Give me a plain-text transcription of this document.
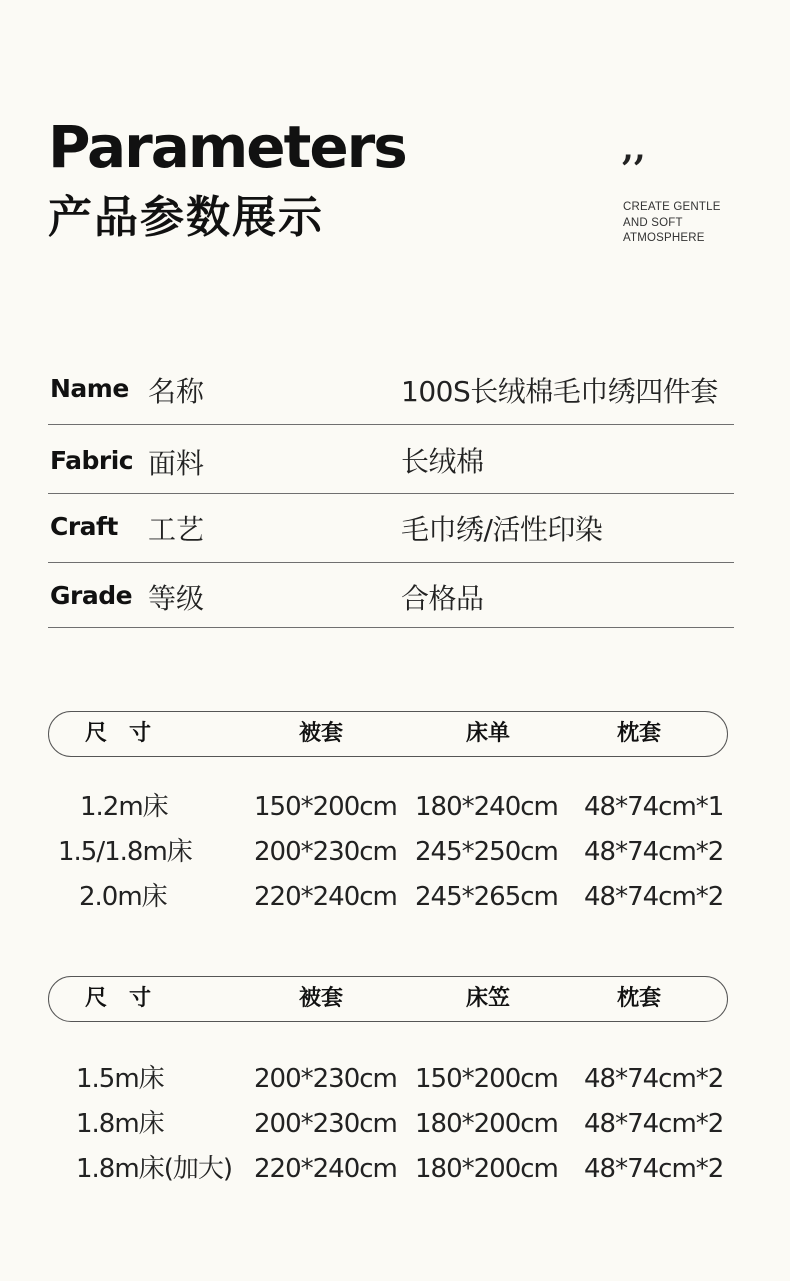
Parameters
产品参数展示
,,
CREATE GENTLE
AND SOFT
ATMOSPHERE
Name 名称	100S长绒棉毛巾绣四件套
Fabric 面料	长绒棉
Craft 工艺	毛巾绣/活性印染
Grade 等级	合格品
尺　寸	被套	床单	枕套
1.2m床	150*200cm 180*240cm 48*74cm*1
1.5/1.8m床 200*230cm 245*250cm 48*74cm*2
2.0m床	220*240cm 245*265cm 48*74cm*2
尺　寸	被套	床笠	枕套
1.5m床	200*230cm 150*200cm 48*74cm*2
1.8m床	200*230cm 180*200cm 48*74cm*2
1.8m床(加大) 220*240cm 180*200cm 48*74cm*2
